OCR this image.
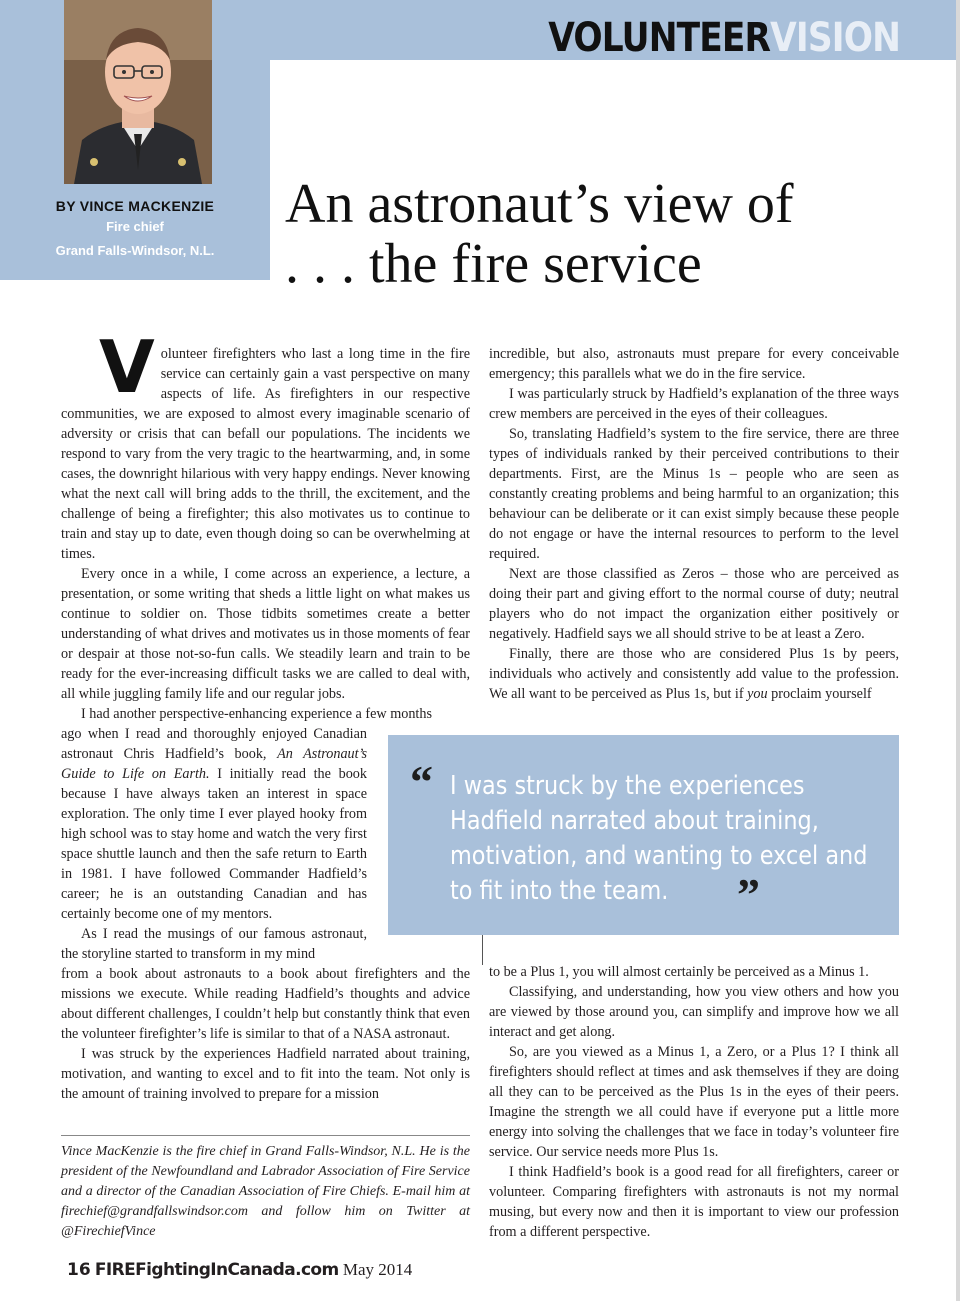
VOLUNTEERVISION
BY VINCE MACKENZIE
Fire chief
Grand Falls-Windsor, N.L.
An astronaut’s view of
. . . the fire service

Volunteer firefighters who last a long time in the fire service can certainly gain a vast perspective on many aspects of life. As firefighters in our respective communities, we are exposed to almost every imaginable scenario of adversity or crisis that can befall our populations. The incidents we respond to vary from the very tragic to the heartwarming, and, in some cases, the downright hilarious with very happy endings. Never knowing what the next call will bring adds to the thrill, the excitement, and the challenge of being a firefighter; this also motivates us to continue to train and stay up to date, even though doing so can be overwhelming at times.

Every once in a while, I come across an experience, a lecture, a presentation, or some writing that sheds a little light on what makes us continue to soldier on. Those tidbits sometimes create a better understanding of what drives and motivates us in those moments of fear or despair at those not-so-fun calls. We steadily learn and train to be ready for the ever-increasing difficult tasks we are called to deal with, all while juggling family life and our regular jobs.

I had another perspective-enhancing experience a few months

ago when I read and thoroughly enjoyed Canadian astronaut Chris Hadfield’s book, An Astronaut’s Guide to Life on Earth. I initially read the book because I have always taken an interest in space exploration. The only time I ever played hooky from high school was to stay home and watch the very first space shuttle launch and then the safe return to Earth in 1981. I have followed Commander Hadfield’s career; he is an outstanding Canadian and has certainly become one of my mentors.

As I read the musings of our famous astronaut, the storyline started to transform in my mind

from a book about astronauts to a book about firefighters and the missions we execute. While reading Hadfield’s thoughts and advice about different challenges, I couldn’t help but constantly think that even the volunteer firefighter’s life is similar to that of a NASA astronaut.

I was struck by the experiences Hadfield narrated about training, motivation, and wanting to excel and to fit into the team. Not only is the amount of training involved to prepare for a mission

incredible, but also, astronauts must prepare for every conceivable emergency; this parallels what we do in the fire service.

I was particularly struck by Hadfield’s explanation of the three ways crew members are perceived in the eyes of their colleagues.

So, translating Hadfield’s system to the fire service, there are three types of individuals ranked by their perceived contributions to their departments. First, are the Minus 1s – people who are seen as constantly creating problems and being harmful to an organization; this behaviour can be deliberate or it can exist simply because these people do not engage or have the internal resources to perform to the level required.

Next are those classified as Zeros – those who are perceived as doing their part and giving effort to the normal course of duty; neutral players who do not impact the organization either positively or negatively. Hadfield says we all should strive to be at least a Zero.

Finally, there are those who are considered Plus 1s by peers, individuals who actively and consistently add value to the profession. We all want to be perceived as Plus 1s, but if you proclaim yourself

“ I was struck by the experiences Hadfield narrated about training, motivation, and wanting to excel and to fit into the team.	”

to be a Plus 1, you will almost certainly be perceived as a Minus 1.

Classifying, and understanding, how you view others and how you are viewed by those around you, can simplify and improve how we all interact and get along.

So, are you viewed as a Minus 1, a Zero, or a Plus 1? I think all firefighters should reflect at times and ask themselves if they are doing all they can to be perceived as the Plus 1s in the eyes of their peers. Imagine the strength we all could have if everyone put a little more energy into solving the challenges that we face in today’s volunteer fire service. Our service needs more Plus 1s.

I think Hadfield’s book is a good read for all firefighters, career or volunteer. Comparing firefighters with astronauts is not my normal musing, but every now and then it is important to view our profession from a different perspective.

Vince MacKenzie is the fire chief in Grand Falls-Windsor, N.L. He is the president of the Newfoundland and Labrador Association of Fire Service and a director of the Canadian Association of Fire Chiefs. E-mail him at firechief@grandfallswindsor.com and follow him on Twitter at @FirechiefVince
16 FIREFightingInCanada.com May 2014
